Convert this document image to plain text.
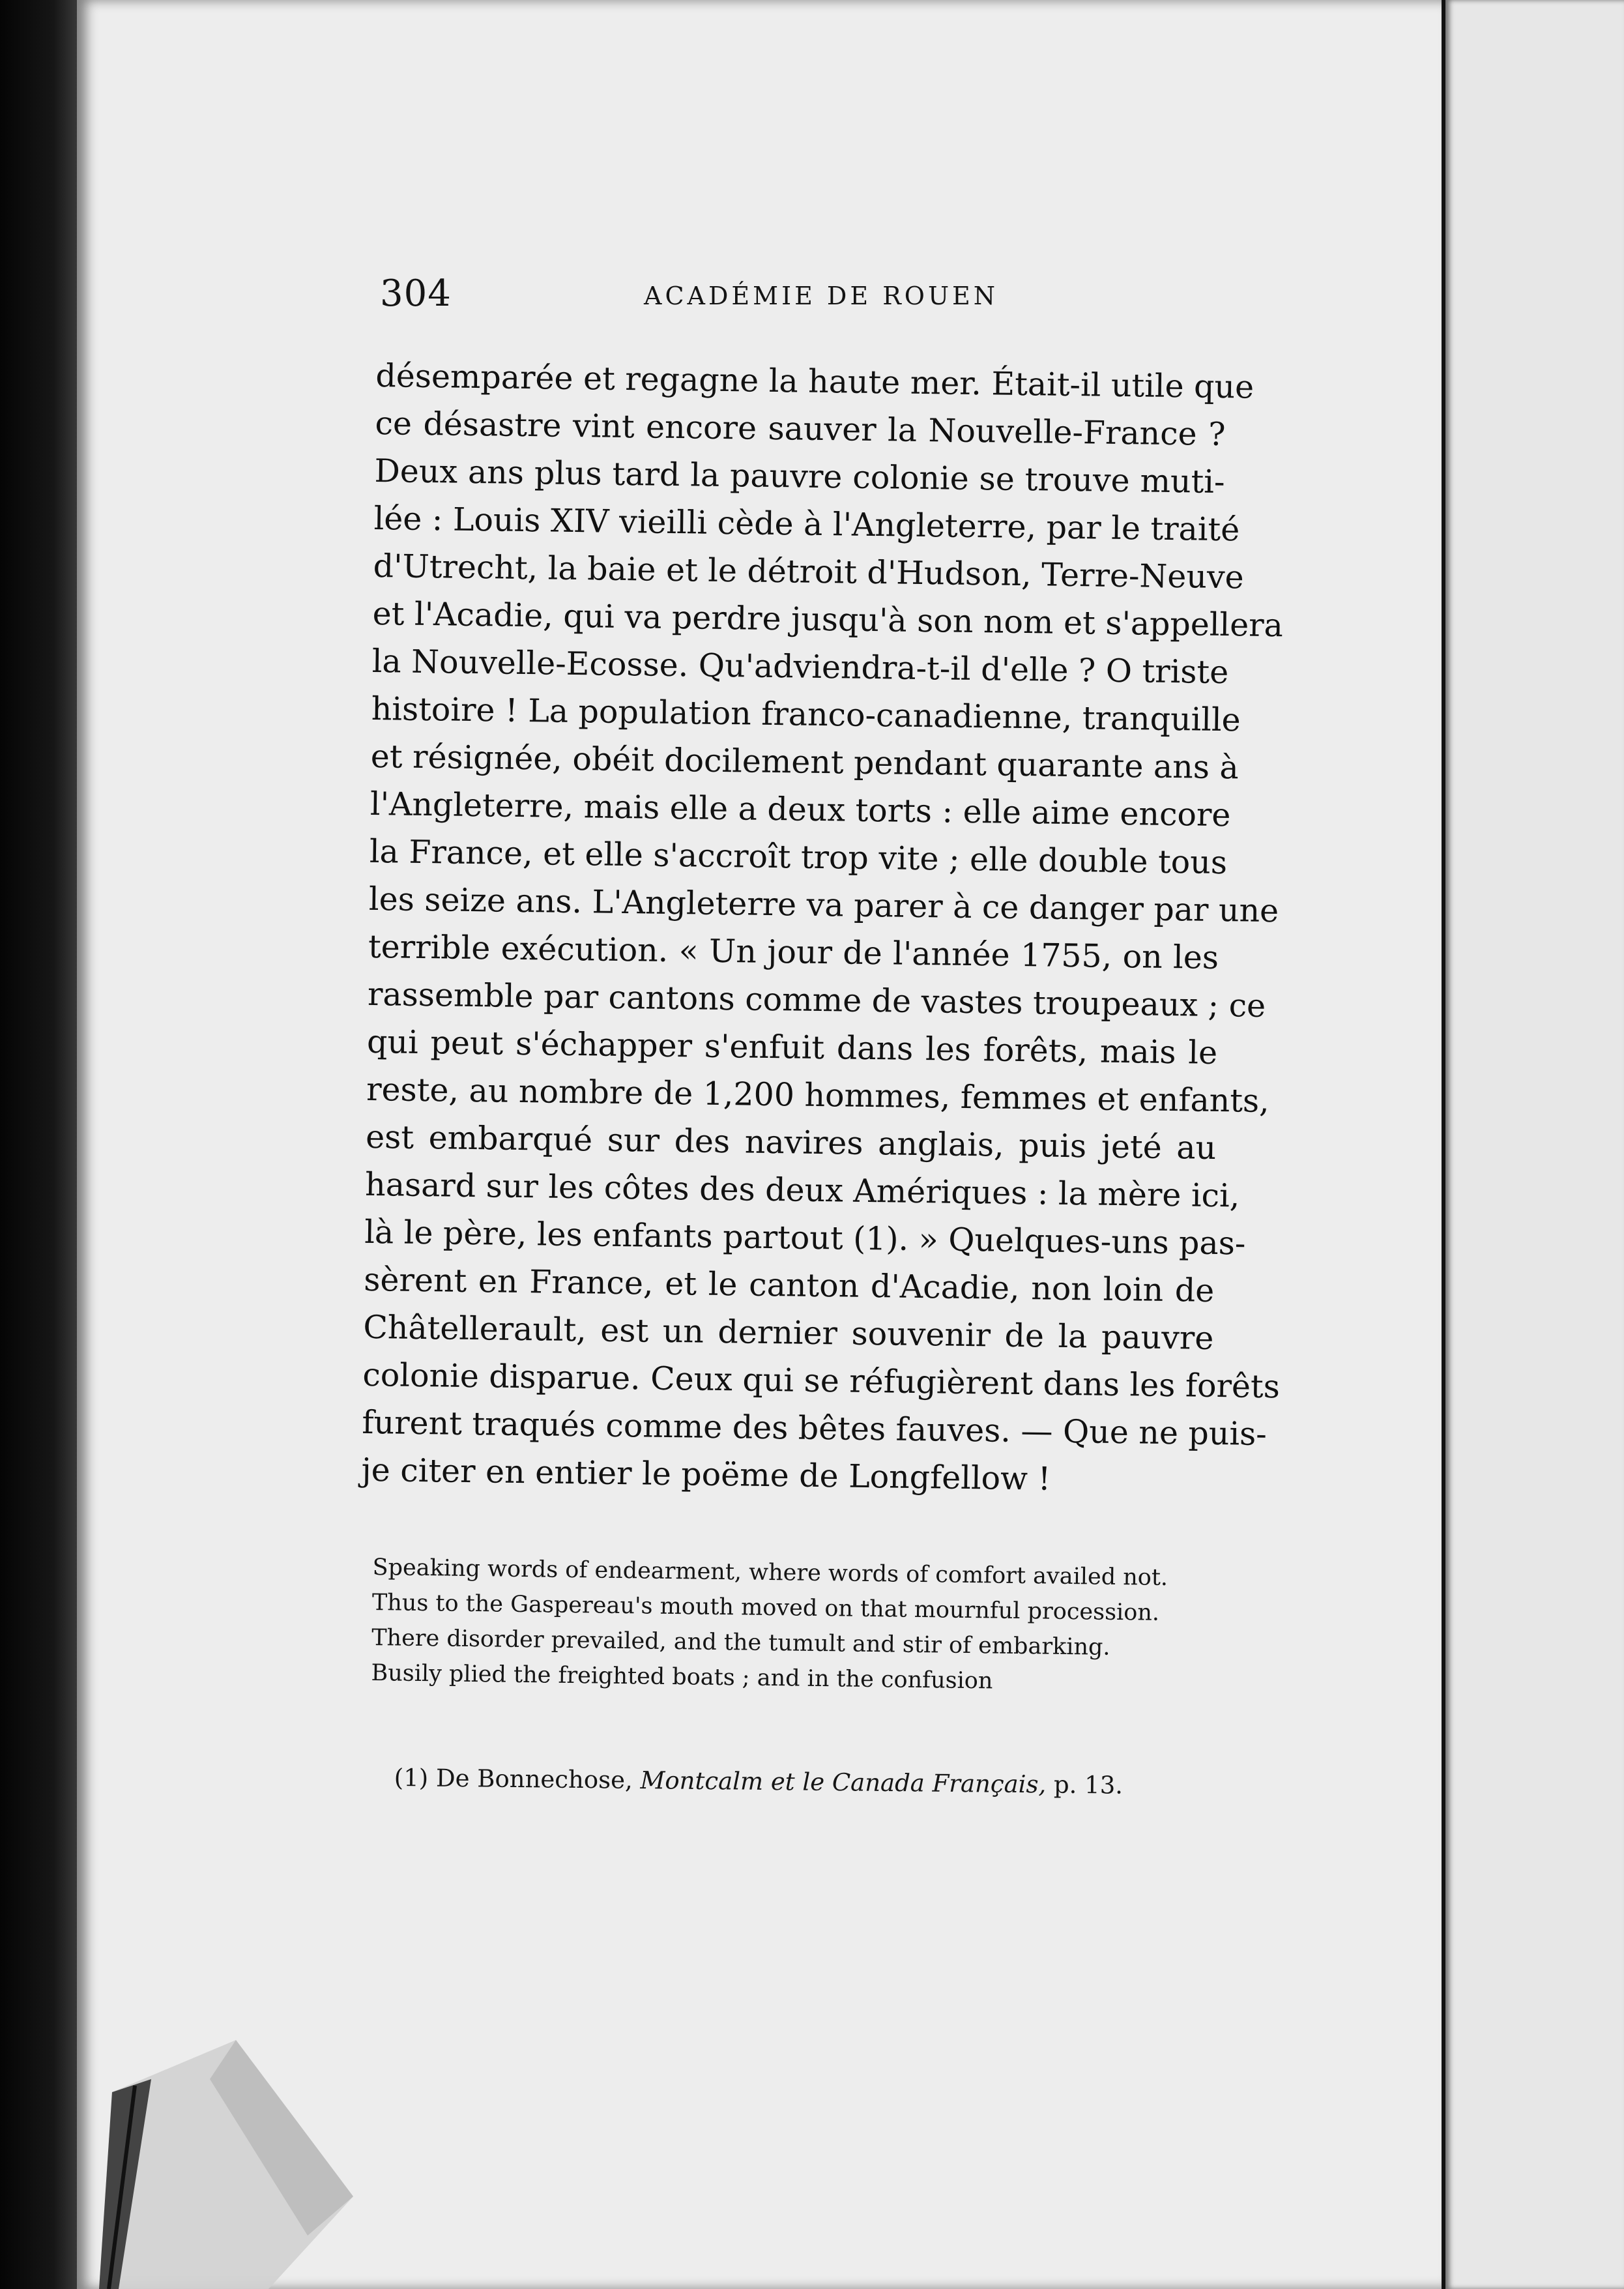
304	ACADÉMIE DE ROUEN
désemparée et regagne la haute mer. Était-il utile que
ce désastre vint encore sauver la Nouvelle-France ?
Deux ans plus tard la pauvre colonie se trouve muti-
lée : Louis XIV vieilli cède à l'Angleterre, par le traité
d'Utrecht, la baie et le détroit d'Hudson, Terre-Neuve
et l'Acadie, qui va perdre jusqu'à son nom et s'appellera
la Nouvelle-Ecosse. Qu'adviendra-t-il d'elle ? O triste
histoire ! La population franco-canadienne, tranquille
et résignée, obéit docilement pendant quarante ans à
l'Angleterre, mais elle a deux torts : elle aime encore
la France, et elle s'accroît trop vite ; elle double tous
les seize ans. L'Angleterre va parer à ce danger par une
terrible exécution. « Un jour de l'année 1755, on les
rassemble par cantons comme de vastes troupeaux ; ce
qui peut s'échapper s'enfuit dans les forêts, mais le
reste, au nombre de 1,200 hommes, femmes et enfants,
est embarqué sur des navires anglais, puis jeté au
hasard sur les côtes des deux Amériques : la mère ici,
là le père, les enfants partout (1). » Quelques-uns pas-
sèrent en France, et le canton d'Acadie, non loin de
Châtellerault, est un dernier souvenir de la pauvre
colonie disparue. Ceux qui se réfugièrent dans les forêts
furent traqués comme des bêtes fauves. — Que ne puis-
je citer en entier le poëme de Longfellow !
Speaking words of endearment, where words of comfort availed not.
Thus to the Gaspereau's mouth moved on that mournful procession.
There disorder prevailed, and the tumult and stir of embarking.
Busily plied the freighted boats ; and in the confusion
(1) De Bonnechose, Montcalm et le Canada Français, p. 13.
